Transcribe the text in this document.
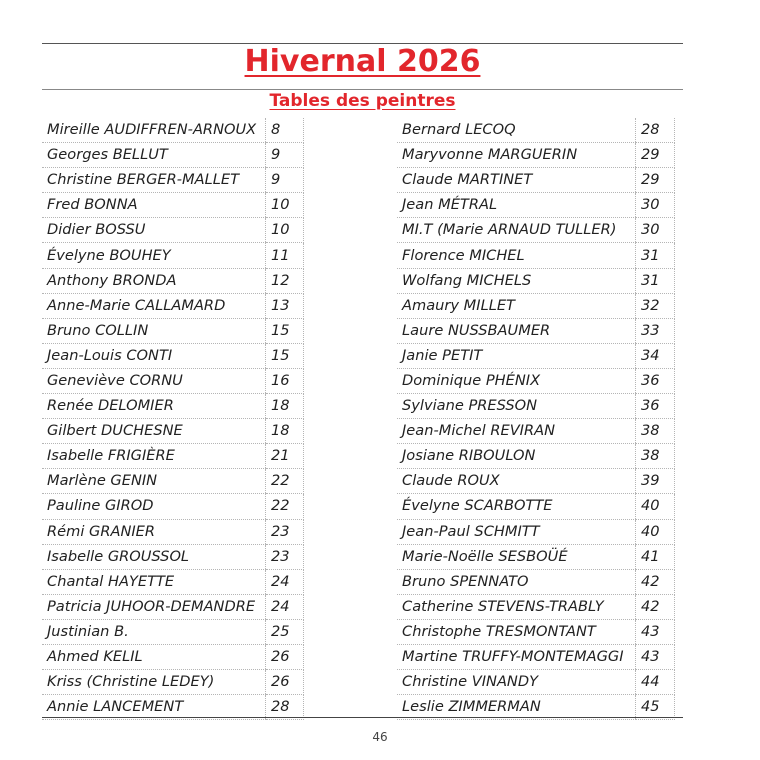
Hivernal 2026
Tables des peintres
Mireille AUDIFFREN-ARNOUX	8
Georges BELLUT	9
Christine BERGER-MALLET	9
Fred BONNA	10
Didier BOSSU	10
Évelyne BOUHEY	11
Anthony BRONDA	12
Anne-Marie CALLAMARD	13
Bruno COLLIN	15
Jean-Louis CONTI	15
Geneviève CORNU	16
Renée DELOMIER	18
Gilbert DUCHESNE	18
Isabelle FRIGIÈRE	21
Marlène GENIN	22
Pauline GIROD	22
Rémi GRANIER	23
Isabelle GROUSSOL	23
Chantal HAYETTE	24
Patricia JUHOOR-DEMANDRE	24
Justinian B.	25
Ahmed KELIL	26
Kriss (Christine LEDEY)	26
Annie LANCEMENT	28
Bernard LECOQ	28
Maryvonne MARGUERIN	29
Claude MARTINET	29
Jean MÉTRAL	30
MI.T (Marie ARNAUD TULLER)	30
Florence MICHEL	31
Wolfang MICHELS	31
Amaury MILLET	32
Laure NUSSBAUMER	33
Janie PETIT	34
Dominique PHÉNIX	36
Sylviane PRESSON	36
Jean-Michel REVIRAN	38
Josiane RIBOULON	38
Claude ROUX	39
Évelyne SCARBOTTE	40
Jean-Paul SCHMITT	40
Marie-Noëlle SESBOÜÉ	41
Bruno SPENNATO	42
Catherine STEVENS-TRABLY	42
Christophe TRESMONTANT	43
Martine TRUFFY-MONTEMAGGI	43
Christine VINANDY	44
Leslie ZIMMERMAN	45
46
